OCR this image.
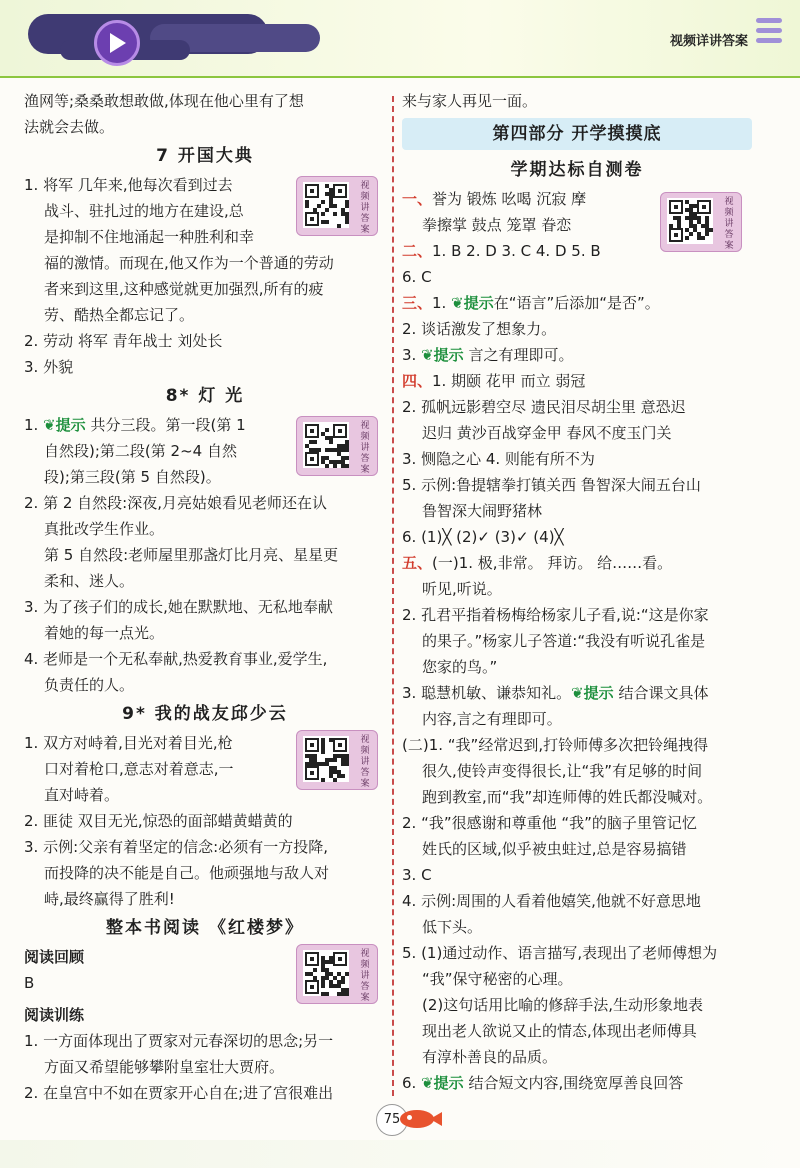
视频详讲答案
渔网等;桑桑敢想敢做,体现在他心里有了想
法就会去做。
7 开国大典
1. 将军 几年来,他每次看到过去
战斗、驻扎过的地方在建设,总
是抑制不住地涌起一种胜利和幸
福的激情。而现在,他又作为一个普通的劳动
者来到这里,这种感觉就更加强烈,所有的疲
劳、酷热全都忘记了。
2. 劳动 将军 青年战士 刘处长
3. 外貌
8* 灯 光
1. ❦提示 共分三段。第一段(第 1
自然段);第二段(第 2~4 自然
段);第三段(第 5 自然段)。
2. 第 2 自然段:深夜,月亮姑娘看见老师还在认
真批改学生作业。
第 5 自然段:老师屋里那盏灯比月亮、星星更
柔和、迷人。
3. 为了孩子们的成长,她在默默地、无私地奉献
着她的每一点光。
4. 老师是一个无私奉献,热爱教育事业,爱学生,
负责任的人。
9* 我的战友邱少云
1. 双方对峙着,目光对着目光,枪
口对着枪口,意志对着意志,一
直对峙着。
2. 匪徒 双目无光,惊恐的面部蜡黄蜡黄的
3. 示例:父亲有着坚定的信念:必须有一方投降,
而投降的决不能是自己。他顽强地与敌人对
峙,最终赢得了胜利!
整本书阅读 《红楼梦》
阅读回顾
B
阅读训练
1. 一方面体现出了贾家对元春深切的思念;另一
方面又希望能够攀附皇室壮大贾府。
2. 在皇宫中不如在贾家开心自在;进了宫很难出
视频讲答案
视频讲答案
视频讲答案
视频讲答案
视频讲答案
来与家人再见一面。
第四部分 开学摸摸底
学期达标自测卷
一、誉为 锻炼 吆喝 沉寂 摩
拳擦掌 鼓点 笼罩 眷恋
二、1. B 2. D 3. C 4. D 5. B
6. C
三、1. ❦提示在“语言”后添加“是否”。
2. 谈话激发了想象力。
3. ❦提示 言之有理即可。
四、1. 期颐 花甲 而立 弱冠
2. 孤帆远影碧空尽 遗民泪尽胡尘里 意恐迟
迟归 黄沙百战穿金甲 春风不度玉门关
3. 恻隐之心 4. 则能有所不为
5. 示例:鲁提辖拳打镇关西 鲁智深大闹五台山
鲁智深大闹野猪林
6. (1)╳ (2)✓ (3)✓ (4)╳
五、(一)1. 极,非常。 拜访。 给……看。
听见,听说。
2. 孔君平指着杨梅给杨家儿子看,说:“这是你家
的果子。”杨家儿子答道:“我没有听说孔雀是
您家的鸟。”
3. 聪慧机敏、谦恭知礼。❦提示 结合课文具体
内容,言之有理即可。
(二)1. “我”经常迟到,打铃师傅多次把铃绳拽得
很久,使铃声变得很长,让“我”有足够的时间
跑到教室,而“我”却连师傅的姓氏都没喊对。
2. “我”很感谢和尊重他 “我”的脑子里管记忆
姓氏的区域,似乎被虫蛀过,总是容易搞错
3. C
4. 示例:周围的人看着他嬉笑,他就不好意思地
低下头。
5. (1)通过动作、语言描写,表现出了老师傅想为
“我”保守秘密的心理。
(2)这句话用比喻的修辞手法,生动形象地表
现出老人欲说又止的情态,体现出老师傅具
有淳朴善良的品质。
6. ❦提示 结合短文内容,围绕宽厚善良回答
75
